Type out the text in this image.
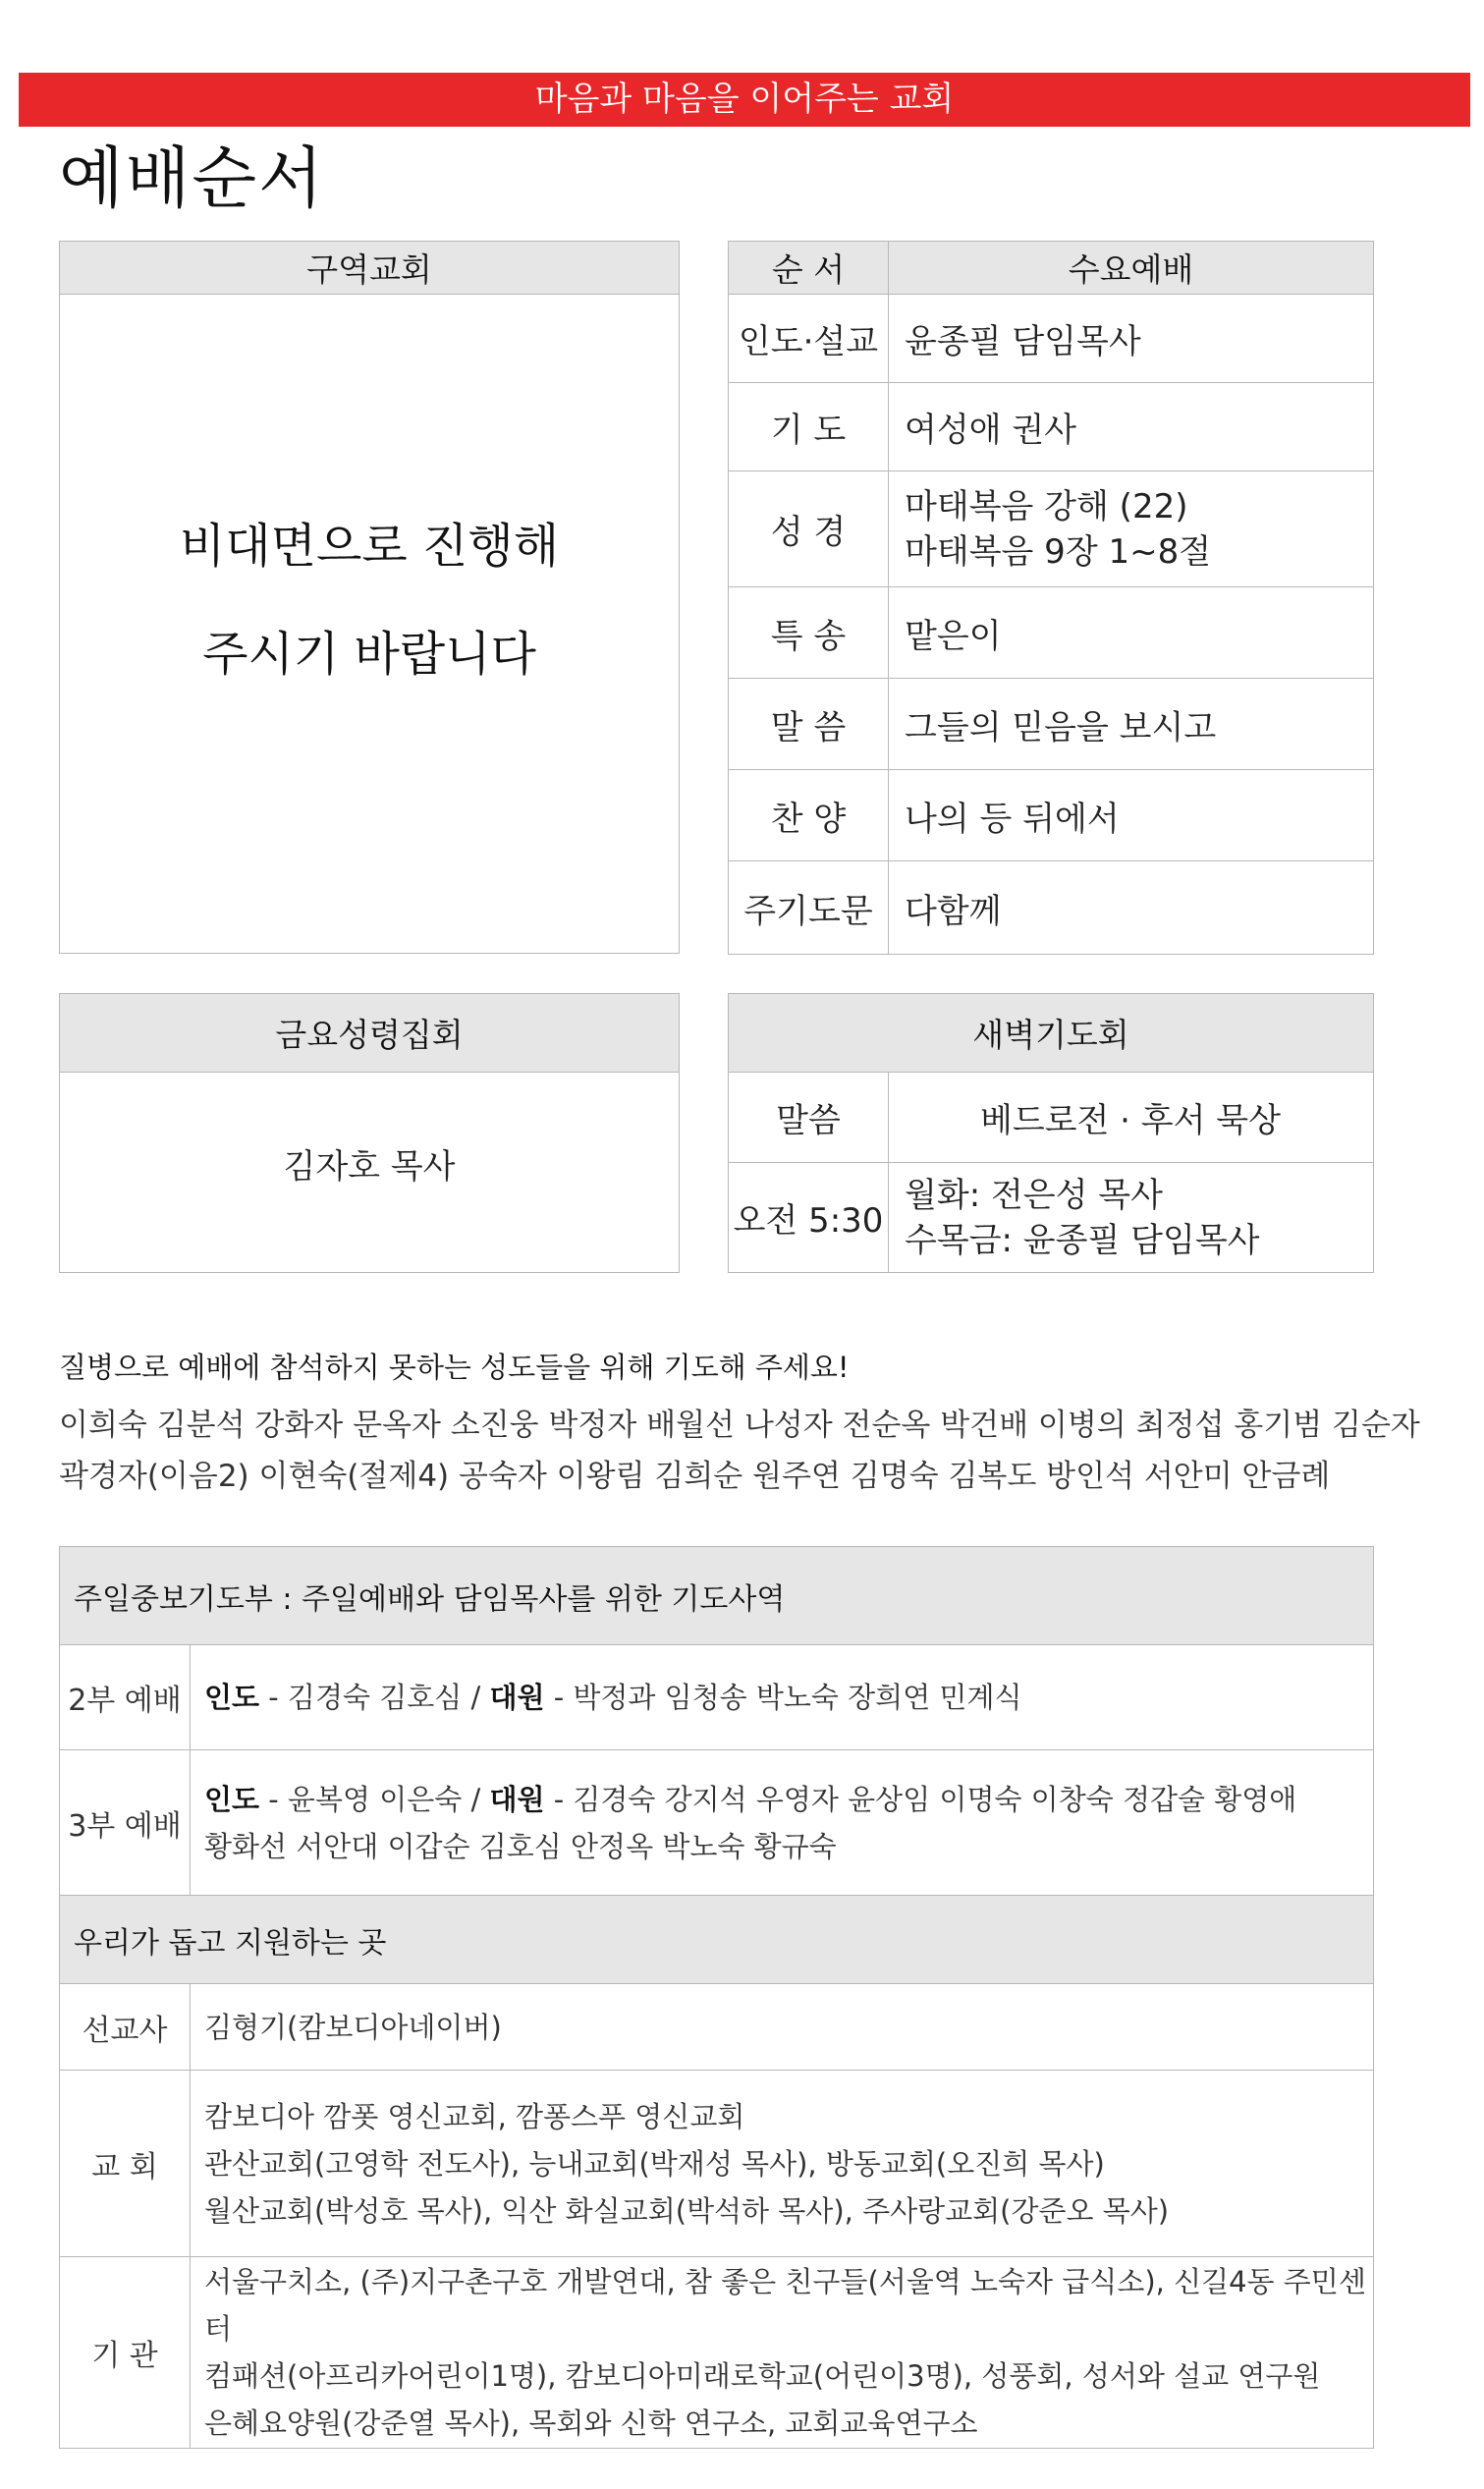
마음과 마음을 이어주는 교회
예배순서
구역교회

비대면으로 진행해
주시기 바랍니다
순 서	수요예배
인도·설교	윤종필 담임목사
기 도	여성애 권사
성 경	마태복음 강해 (22)
마태복음 9장 1~8절

특 송	맡은이
말 씀	그들의 믿음을 보시고
찬 양	나의 등 뒤에서
주기도문	다함께
금요성령집회
김자호 목사
새벽기도회	
말씀	베드로전 · 후서 묵상
오전 5:30	월화: 전은성 목사
수목금: 윤종필 담임목사
질병으로 예배에 참석하지 못하는 성도들을 위해 기도해 주세요!
이희숙 김분석 강화자 문옥자 소진웅 박정자 배월선 나성자 전순옥 박건배 이병의 최정섭 홍기범 김순자
곽경자(이음2) 이현숙(절제4) 공숙자 이왕림 김희순 원주연 김명숙 김복도 방인석 서안미 안금례
주일중보기도부 : 주일예배와 담임목사를 위한 기도사역	
2부 예배	인도 - 김경숙 김호심 / 대원 - 박정과 임청송 박노숙 장희연 민계식
3부 예배	인도 - 윤복영 이은숙 / 대원 - 김경숙 강지석 우영자 윤상임 이명숙 이창숙 정갑술 황영애
황화선 서안대 이갑순 김호심 안정옥 박노숙 황규숙

우리가 돕고 지원하는 곳	
선교사	김형기(캄보디아네이버)
교 회	캄보디아 깜폿 영신교회, 깜퐁스푸 영신교회
관산교회(고영학 전도사), 능내교회(박재성 목사), 방동교회(오진희 목사)
월산교회(박성호 목사), 익산 화실교회(박석하 목사), 주사랑교회(강준오 목사)

기 관	서울구치소, (주)지구촌구호 개발연대, 참 좋은 친구들(서울역 노숙자 급식소), 신길4동 주민센터
컴패션(아프리카어린이1명), 캄보디아미래로학교(어린이3명), 성풍회, 성서와 설교 연구원
은혜요양원(강준열 목사), 목회와 신학 연구소, 교회교육연구소
